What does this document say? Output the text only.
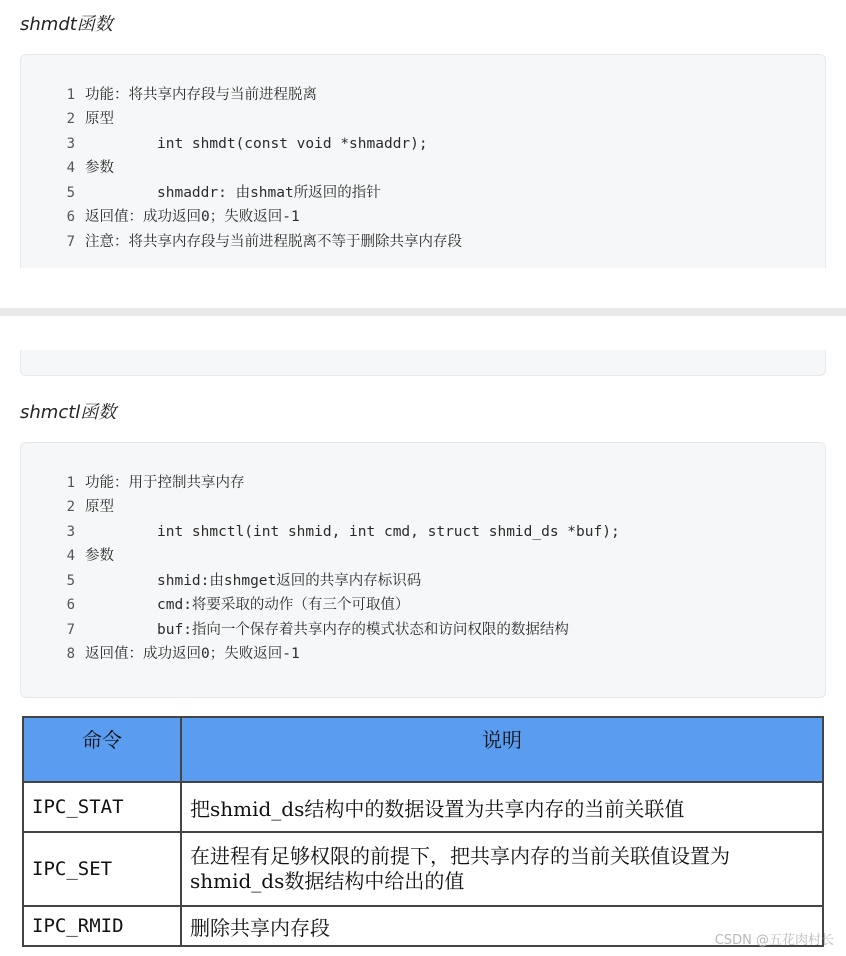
shmdt函数
1 功能：将共享内存段与当前进程脱离
2 原型
3	int shmdt(const void *shmaddr);
4 参数
5	shmaddr: 由shmat所返回的指针
6 返回值：成功返回0；失败返回-1
7 注意：将共享内存段与当前进程脱离不等于删除共享内存段
shmctl函数
1 功能：用于控制共享内存
2 原型
3	int shmctl(int shmid, int cmd, struct shmid_ds *buf);
4 参数
5	shmid:由shmget返回的共享内存标识码
6	cmd:将要采取的动作（有三个可取值）
7	buf:指向一个保存着共享内存的模式状态和访问权限的数据结构
8 返回值：成功返回0；失败返回-1
命令	说明
IPC_STAT	把shmid_ds结构中的数据设置为共享内存的当前关联值
IPC_SET	在进程有足够权限的前提下，把共享内存的当前关联值设置为shmid_ds数据结构中给出的值
IPC_RMID	删除共享内存段
CSDN @五花肉村长
